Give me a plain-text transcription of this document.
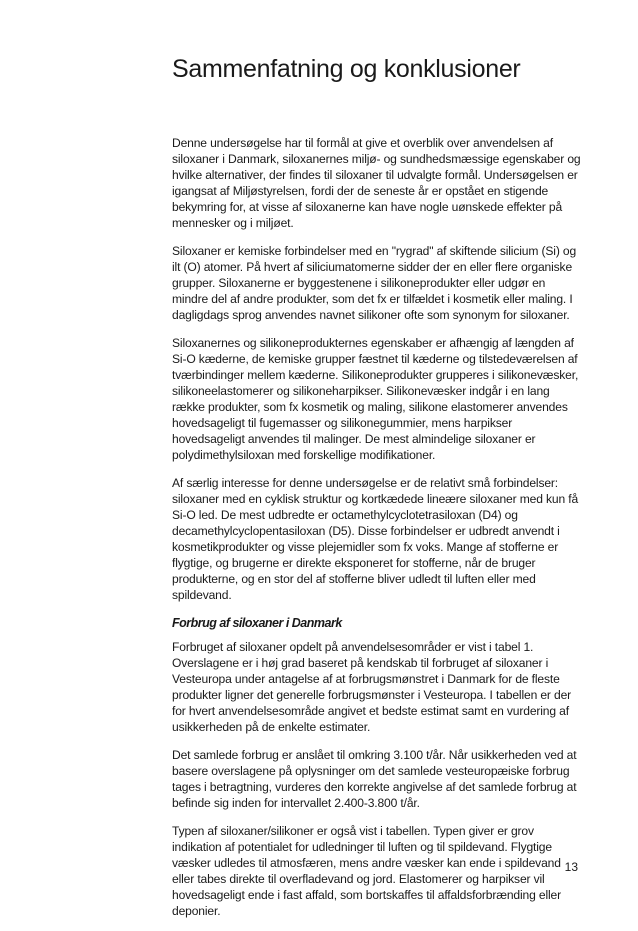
Sammenfatning og konklusioner

Denne undersøgelse har til formål at give et overblik over anvendelsen af siloxaner i Danmark, siloxanernes miljø- og sundhedsmæssige egenskaber og hvilke alternativer, der findes til siloxaner til udvalgte formål. Undersøgelsen er igangsat af Miljøstyrelsen, fordi der de seneste år er opstået en stigende bekymring for, at visse af siloxanerne kan have nogle uønskede effekter på mennesker og i miljøet.

Siloxaner er kemiske forbindelser med en "rygrad" af skiftende silicium (Si) og ilt (O) atomer. På hvert af siliciumatomerne sidder der en eller flere organiske grupper. Siloxanerne er byggestenene i silikoneprodukter eller udgør en mindre del af andre produkter, som det fx er tilfældet i kosmetik eller maling. I dagligdags sprog anvendes navnet silikoner ofte som synonym for siloxaner.

Siloxanernes og silikoneprodukternes egenskaber er afhængig af længden af Si-O kæderne, de kemiske grupper fæstnet til kæderne og tilstedeværelsen af tværbindinger mellem kæderne. Silikoneprodukter grupperes i silikonevæsker, silikoneelastomerer og silikoneharpikser. Silikonevæsker indgår i en lang række produkter, som fx kosmetik og maling, silikone elastomerer anvendes hovedsageligt til fugemasser og silikonegummier, mens harpikser hovedsageligt anvendes til malinger. De mest almindelige siloxaner er polydimethylsiloxan med forskellige modifikationer.

Af særlig interesse for denne undersøgelse er de relativt små forbindelser: siloxaner med en cyklisk struktur og kortkædede lineære siloxaner med kun få Si-O led. De mest udbredte er octamethylcyclotetrasiloxan (D4) og decamethylcyclopentasiloxan (D5). Disse forbindelser er udbredt anvendt i kosmetikprodukter og visse plejemidler som fx voks. Mange af stofferne er flygtige, og brugerne er direkte eksponeret for stofferne, når de bruger produkterne, og en stor del af stofferne bliver udledt til luften eller med spildevand.

Forbrug af siloxaner i Danmark

Forbruget af siloxaner opdelt på anvendelsesområder er vist i tabel 1. Overslagene er i høj grad baseret på kendskab til forbruget af siloxaner i Vesteuropa under antagelse af at forbrugsmønstret i Danmark for de fleste produkter ligner det generelle forbrugsmønster i Vesteuropa. I tabellen er der for hvert anvendelsesområde angivet et bedste estimat samt en vurdering af usikkerheden på de enkelte estimater.

Det samlede forbrug er anslået til omkring 3.100 t/år. Når usikkerheden ved at basere overslagene på oplysninger om det samlede vesteuropæiske forbrug tages i betragtning, vurderes den korrekte angivelse af det samlede forbrug at befinde sig inden for intervallet 2.400-3.800 t/år.

Typen af siloxaner/silikoner er også vist i tabellen. Typen giver er grov indikation af potentialet for udledninger til luften og til spildevand. Flygtige væsker udledes til atmosfæren, mens andre væsker kan ende i spildevand eller tabes direkte til overfladevand og jord. Elastomerer og harpikser vil hovedsageligt ende i fast affald, som bortskaffes til affaldsforbrænding eller deponier.

13
